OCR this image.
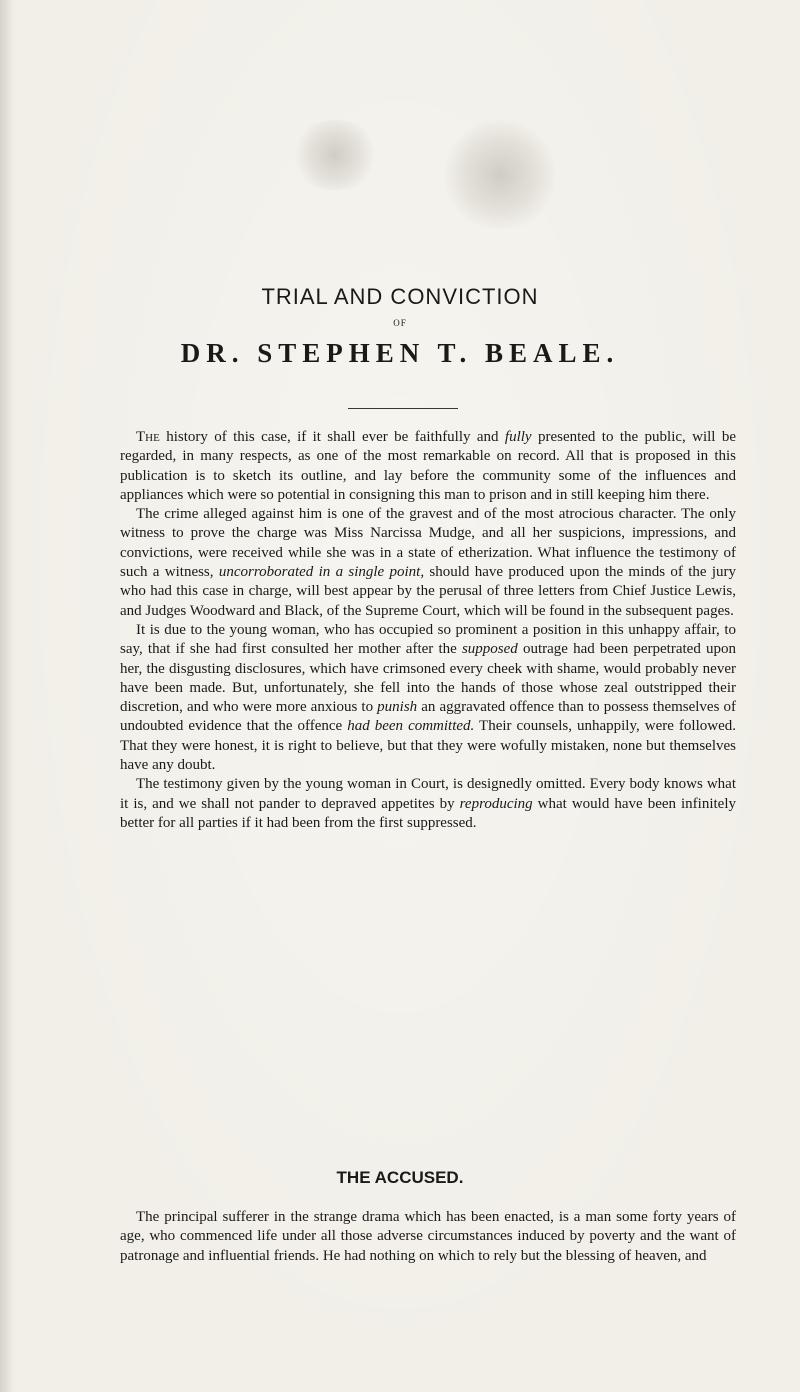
TRIAL AND CONVICTION
OF
DR. STEPHEN T. BEALE.

The history of this case, if it shall ever be faithfully and fully presented to the public, will be regarded, in many respects, as one of the most remarkable on record. All that is proposed in this publication is to sketch its outline, and lay before the community some of the influences and appliances which were so potential in consigning this man to prison and in still keeping him there.

The crime alleged against him is one of the gravest and of the most atrocious character. The only witness to prove the charge was Miss Narcissa Mudge, and all her suspicions, impressions, and convictions, were received while she was in a state of etherization. What influence the testimony of such a witness, uncorroborated in a single point, should have produced upon the minds of the jury who had this case in charge, will best appear by the perusal of three letters from Chief Justice Lewis, and Judges Woodward and Black, of the Supreme Court, which will be found in the subsequent pages.

It is due to the young woman, who has occupied so prominent a position in this unhappy affair, to say, that if she had first consulted her mother after the supposed outrage had been perpetrated upon her, the disgusting disclosures, which have crimsoned every cheek with shame, would probably never have been made. But, unfortunately, she fell into the hands of those whose zeal outstripped their discretion, and who were more anxious to punish an aggravated offence than to possess themselves of undoubted evidence that the offence had been committed. Their counsels, unhappily, were followed. That they were honest, it is right to believe, but that they were wofully mistaken, none but themselves have any doubt.

The testimony given by the young woman in Court, is designedly omitted. Every body knows what it is, and we shall not pander to depraved appetites by reproducing what would have been infinitely better for all parties if it had been from the first suppressed.

THE ACCUSED.

The principal sufferer in the strange drama which has been enacted, is a man some forty years of age, who commenced life under all those adverse circumstances induced by poverty and the want of patronage and influential friends. He had nothing on which to rely but the blessing of heaven, and
